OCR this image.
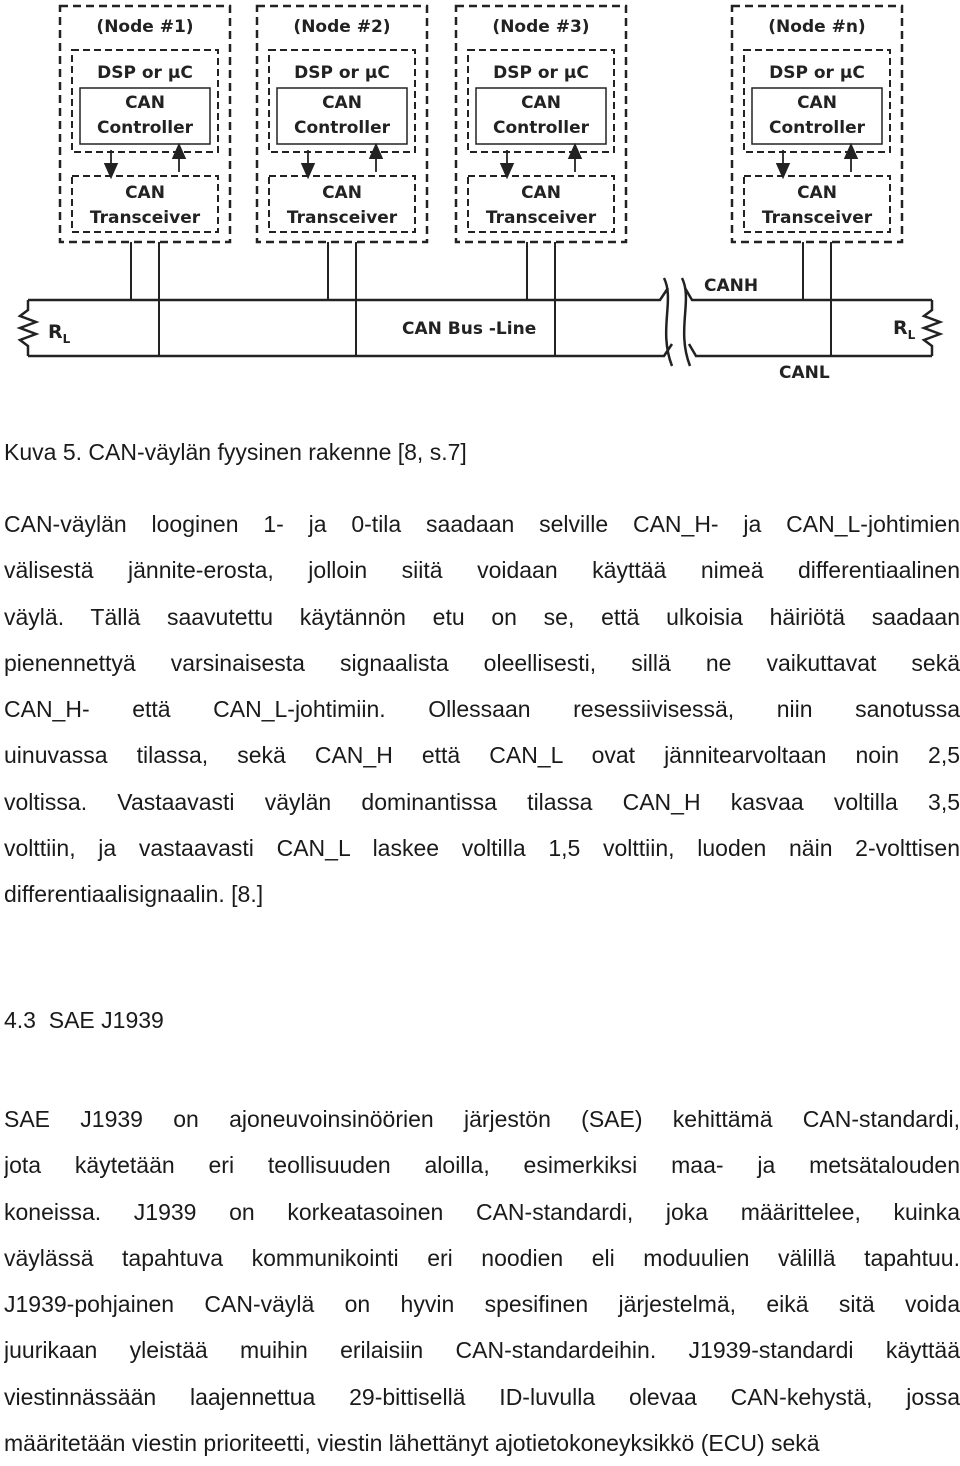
(Node #1)
DSP or µC
CAN
Controller
CAN
Transceiver
(Node #2)
DSP or µC
CAN
Controller
CAN
Transceiver
(Node #3)
DSP or µC
CAN
Controller
CAN
Transceiver
(Node #n)
DSP or µC
CAN
Controller
CAN
Transceiver
CANH
CANL
CAN Bus -Line
$R_L$	$R_L$
Kuva 5. CAN-väylän fyysinen rakenne [8, s.7]
CAN-väylän looginen 1- ja 0-tila saadaan selville CAN_H- ja CAN_L-johtimien
välisestä jännite-erosta, jolloin siitä voidaan käyttää nimeä differentiaalinen
väylä. Tällä saavutettu käytännön etu on se, että ulkoisia häiriötä saadaan
pienennettyä varsinaisesta signaalista oleellisesti, sillä ne vaikuttavat sekä
CAN_H- että CAN_L-johtimiin. Ollessaan resessiivisessä, niin sanotussa
uinuvassa tilassa, sekä CAN_H että CAN_L ovat jännitearvoltaan noin 2,5
voltissa. Vastaavasti väylän dominantissa tilassa CAN_H kasvaa voltilla 3,5
volttiin, ja vastaavasti CAN_L laskee voltilla 1,5 volttiin, luoden näin 2-volttisen
differentiaalisignaalin. [8.]
4.3  SAE J1939
SAE J1939 on ajoneuvoinsinöörien järjestön (SAE) kehittämä CAN-standardi,
jota käytetään eri teollisuuden aloilla, esimerkiksi maa- ja metsätalouden
koneissa. J1939 on korkeatasoinen CAN-standardi, joka määrittelee, kuinka
väylässä tapahtuva kommunikointi eri noodien eli moduulien välillä tapahtuu.
J1939-pohjainen CAN-väylä on hyvin spesifinen järjestelmä, eikä sitä voida
juurikaan yleistää muihin erilaisiin CAN-standardeihin. J1939-standardi käyttää
viestinnässään laajennettua 29-bittisellä ID-luvulla olevaa CAN-kehystä, jossa
määritetään viestin prioriteetti, viestin lähettänyt ajotietokoneyksikkö (ECU) sekä
